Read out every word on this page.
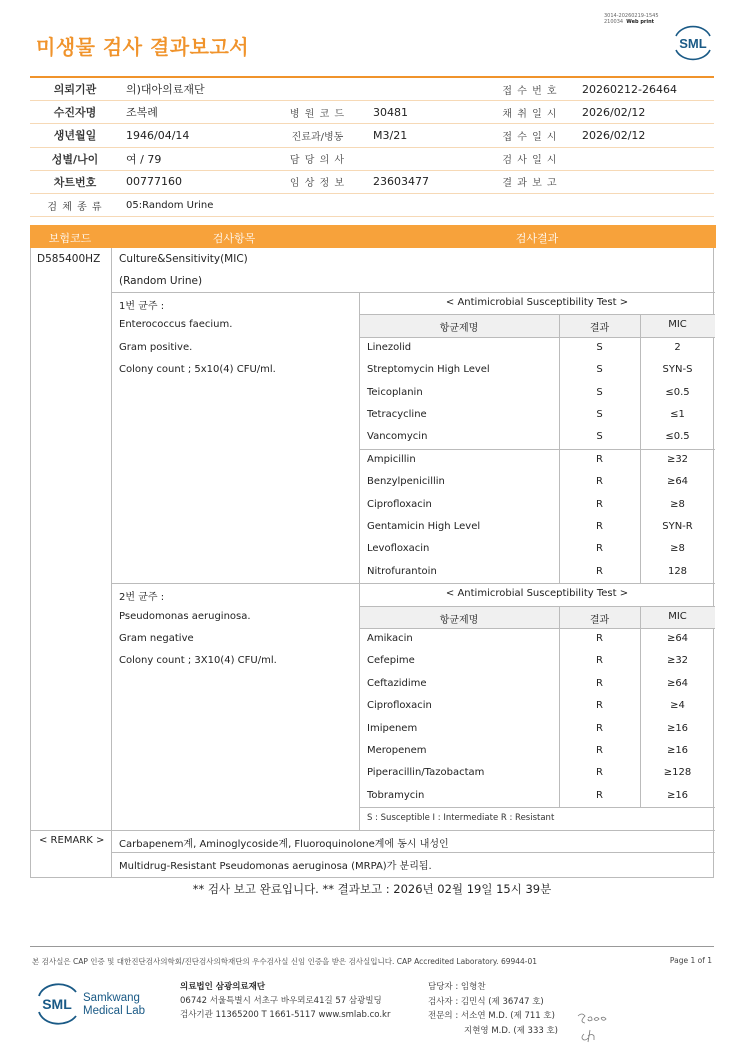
3014-20260219-1545
210034 Web print
미생물 검사 결과보고서	SML
의뢰기관	의)대아의료재단	접 수 번 호	20260212-26464
수진자명	조복례	병 원 코 드	30481	채 취 일 시	2026/02/12
생년월일	1946/04/14	진료과/병동	M3/21	접 수 일 시	2026/02/12
성별/나이	여 / 79	담 당 의 사	검 사 일 시
차트번호	00777160	임 상 정 보	23603477	결 과 보 고
검 체 종 류	05:Random Urine
보험코드	검사항목	검사결과
D585400HZ Culture&Sensitivity(MIC)
(Random Urine)
1번 균주 :
Enterococcus faecium.
Gram positive.
Colony count ; 5x10(4) CFU/ml.
< Antimicrobial Susceptibility Test >
항균제명	결과	MIC
Linezolid	S	2
Streptomycin High Level	S	SYN-S
Teicoplanin	S	≤0.5
Tetracycline	S	≤1
Vancomycin	S	≤0.5
Ampicillin	R	≥32
Benzylpenicillin	R	≥64
Ciprofloxacin	R	≥8
Gentamicin High Level	R	SYN-R
Levofloxacin	R	≥8
Nitrofurantoin	R	128
2번 균주 :
Pseudomonas aeruginosa.
Gram negative
Colony count ; 3X10(4) CFU/ml.
< Antimicrobial Susceptibility Test >
항균제명	결과	MIC
Amikacin	R	≥64
Cefepime	R	≥32
Ceftazidime	R	≥64
Ciprofloxacin	R	≥4
Imipenem	R	≥16
Meropenem	R	≥16
Piperacillin/Tazobactam	R	≥128
Tobramycin	R	≥16
S : Susceptible I : Intermediate R : Resistant
< REMARK > Carbapenem계, Aminoglycoside계, Fluoroquinolone계에 동시 내성인
Multidrug-Resistant Pseudomonas aeruginosa (MRPA)가 분리됨.
** 검사 보고 완료입니다. ** 결과보고 : 2026년 02월 19일 15시 39분
본 검사실은 CAP 인증 및 대한진단검사의학회/진단검사의학재단의 우수검사실 신임 인증을 받은 검사실입니다. CAP Accredited Laboratory. 69944-01	Page 1 of 1
SML Samkwang
Medical Lab
의료법인 삼광의료재단
06742 서울특별시 서초구 바우뫼로41길 57 삼광빌딩
검사기관 11365200 T 1661-5117 www.smlab.co.kr
담당자 : 임형찬
검사자 : 김민식 (제 36747 호)
전문의 : 서소연 M.D. (제 711 호)
지현영 M.D. (제 333 호)
